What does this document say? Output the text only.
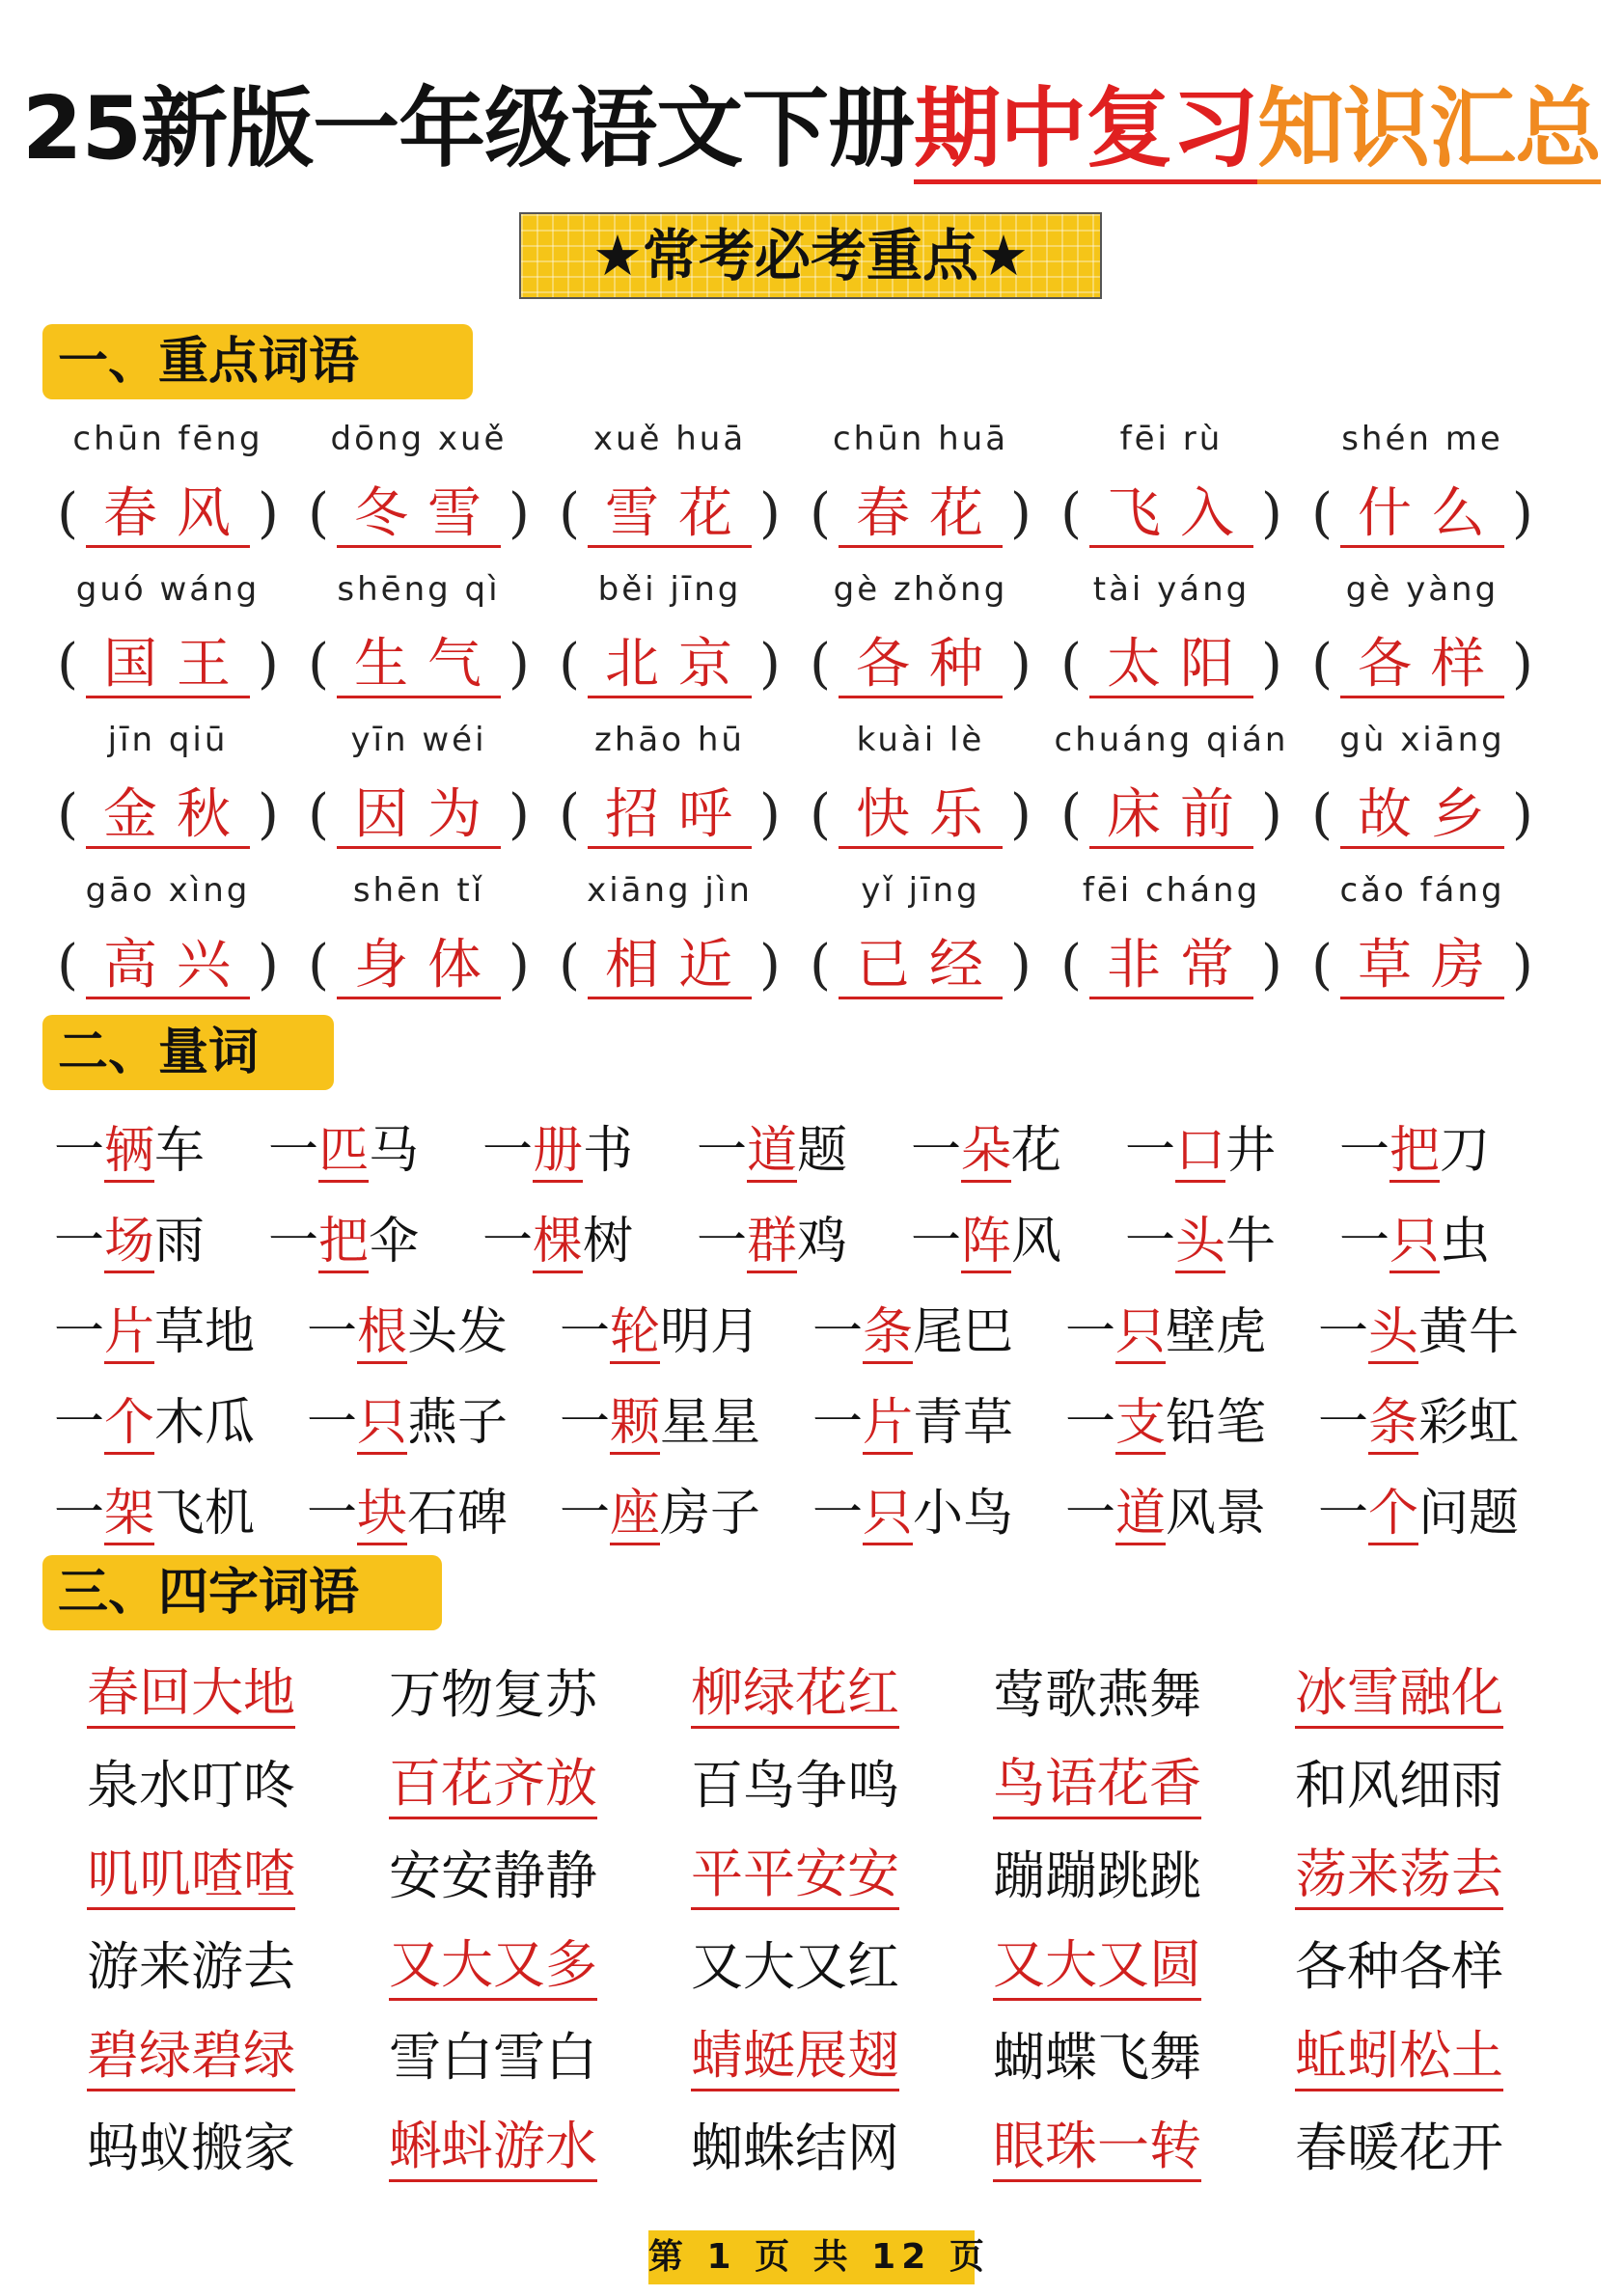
25新版一年级语文下册期中复习知识汇总
★常考必考重点★
一、重点词语
chūn fēng	dōng xuě	xuě huā	chūn huā	fēi rù	shén me
( 春风 ) ( 冬雪 ) ( 雪花 ) ( 春花 ) ( 飞入 ) ( 什么 )
guó wáng	shēng qì	běi jīng	gè zhǒng	tài yáng	gè yàng
( 国王 ) ( 生气 ) ( 北京 ) ( 各种 ) ( 太阳 ) ( 各样 )
jīn qiū	yīn wéi	zhāo hū	kuài lè	chuáng qián	gù xiāng
( 金秋 ) ( 因为 ) ( 招呼 ) ( 快乐 ) ( 床前 ) ( 故乡 )
gāo xìng	shēn tǐ	xiāng jìn	yǐ jīng	fēi cháng	cǎo fáng
( 高兴 ) ( 身体 ) ( 相近 ) ( 已经 ) ( 非常 ) ( 草房 )
二、量词
一辆车	一匹马	一册书	一道题	一朵花	一口井	一把刀
一场雨	一把伞	一棵树	一群鸡	一阵风	一头牛	一只虫
一片草地	一根头发	一轮明月	一条尾巴	一只壁虎	一头黄牛
一个木瓜	一只燕子	一颗星星	一片青草	一支铅笔	一条彩虹
一架飞机	一块石碑	一座房子	一只小鸟	一道风景	一个问题
三、四字词语
春回大地 万物复苏 柳绿花红 莺歌燕舞 冰雪融化
泉水叮咚 百花齐放 百鸟争鸣 鸟语花香 和风细雨
叽叽喳喳 安安静静 平平安安 蹦蹦跳跳 荡来荡去
游来游去 又大又多 又大又红 又大又圆 各种各样
碧绿碧绿 雪白雪白 蜻蜓展翅 蝴蝶飞舞 蚯蚓松土
蚂蚁搬家 蝌蚪游水 蜘蛛结网 眼珠一转 春暖花开
第 1 页 共 12 页
